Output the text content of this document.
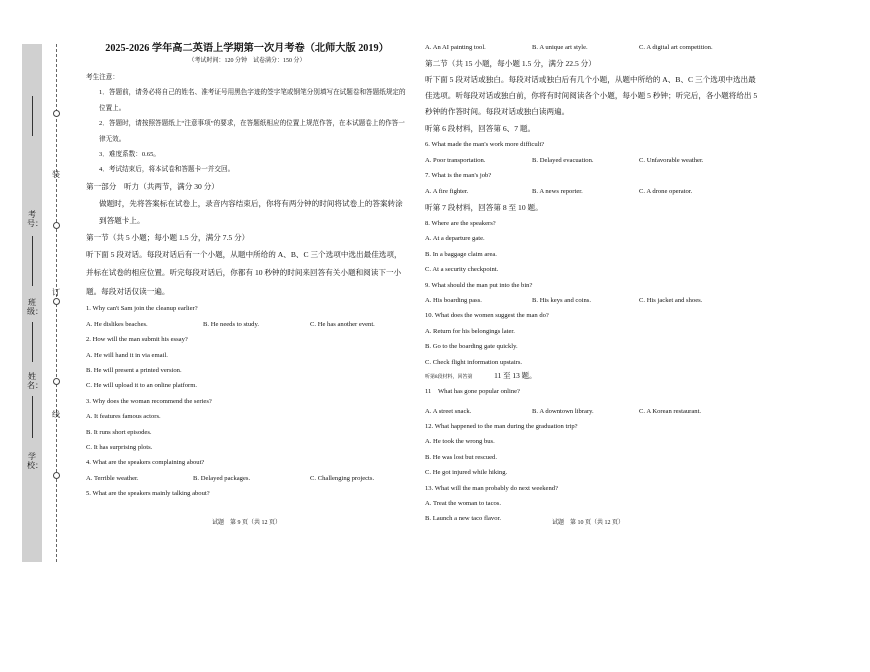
装
订
线
考号：
班级：
姓名：
学校：
2025-2026 学年高二英语上学期第一次月考卷（北师大版 2019）
（考试时间：120 分钟　试卷满分：150 分）

考生注意：

1．答题前，请务必将自己的姓名、准考证号用黑色字迹的签字笔或钢笔分别填写在试题卷和答题纸规定的位置上。

2．答题时，请按照答题纸上“注意事项”的要求，在答题纸相应的位置上规范作答，在本试题卷上的作答一律无效。

3．难度系数：0.65。

4．考试结束后，将本试卷和答题卡一并交回。

第一部分　听力（共两节，满分 30 分）

做题时，先将答案标在试卷上，录音内容结束后，你将有两分钟的时间将试卷上的答案转涂到答题卡上。

第一节（共 5 小题；每小题 1.5 分，满分 7.5 分）

听下面 5 段对话。每段对话后有一个小题，从题中所给的 A、B、C 三个选项中选出最佳选项，并标在试卷的相应位置。听完每段对话后，你都有 10 秒钟的时间来回答有关小题和阅读下一小题。每段对话仅读一遍。

1. Why can't Sam join the cleanup earlier?

A. He dislikes beaches.	B. He needs to study.	C. He has another event.

2. How will the man submit his essay?

A. He will hand it in via email.

B. He will present a printed version.

C. He will upload it to an online platform.

3. Why does the woman recommend the series?

A. It features famous actors.

B. It runs short episodes.

C. It has surprising plots.

4. What are the speakers complaining about?

A. Terrible weather.	B. Delayed packages.	C. Challenging projects.

5. What are the speakers mainly talking about?

A. An AI painting tool.	B. A unique art style.	C. A digital art competition.

第二节（共 15 小题，每小题 1.5 分，满分 22.5 分）

听下面 5 段对话或独白。每段对话或独白后有几个小题，从题中所给的 A、B、C 三个选项中选出最佳选项。听每段对话或独白前，你将有时间阅读各个小题，每小题 5 秒钟；听完后，各小题将给出 5 秒钟的作答时间。每段对话或独白读两遍。

听第 6 段材料，回答第 6、7 题。

6. What made the man's work more difficult?

A. Poor transportation.	B. Delayed evacuation.	C. Unfavorable weather.

7. What is the man's job?

A. A fire fighter.	B. A news reporter.	C. A drone operator.

听第 7 段材料，回答第 8 至 10 题。

8. Where are the speakers?

A. At a departure gate.

B. In a baggage claim area.

C. At a security checkpoint.

9. What should the man put into the bin?

A. His boarding pass.	B. His keys and coins.	C. His jacket and shoes.

10. What does the women suggest the man do?

A. Return for his belongings later.

B. Go to the boarding gate quickly.

C. Check flight information upstairs.

听第8段材料，回答第	11 至 13 题。

11　What has gone popular online?

A. A street snack.	B. A downtown library.	C. A Korean restaurant.

12. What happened to the man during the graduation trip?

A. He took the wrong bus.

B. He was lost but rescued.

C. He got injured while hiking.

13. What will the man probably do next weekend?

A. Treat the woman to tacos.

B. Launch a new taco flavor.

试题　第 9 页（共 12 页）	试题　第 10 页（共 12 页）
